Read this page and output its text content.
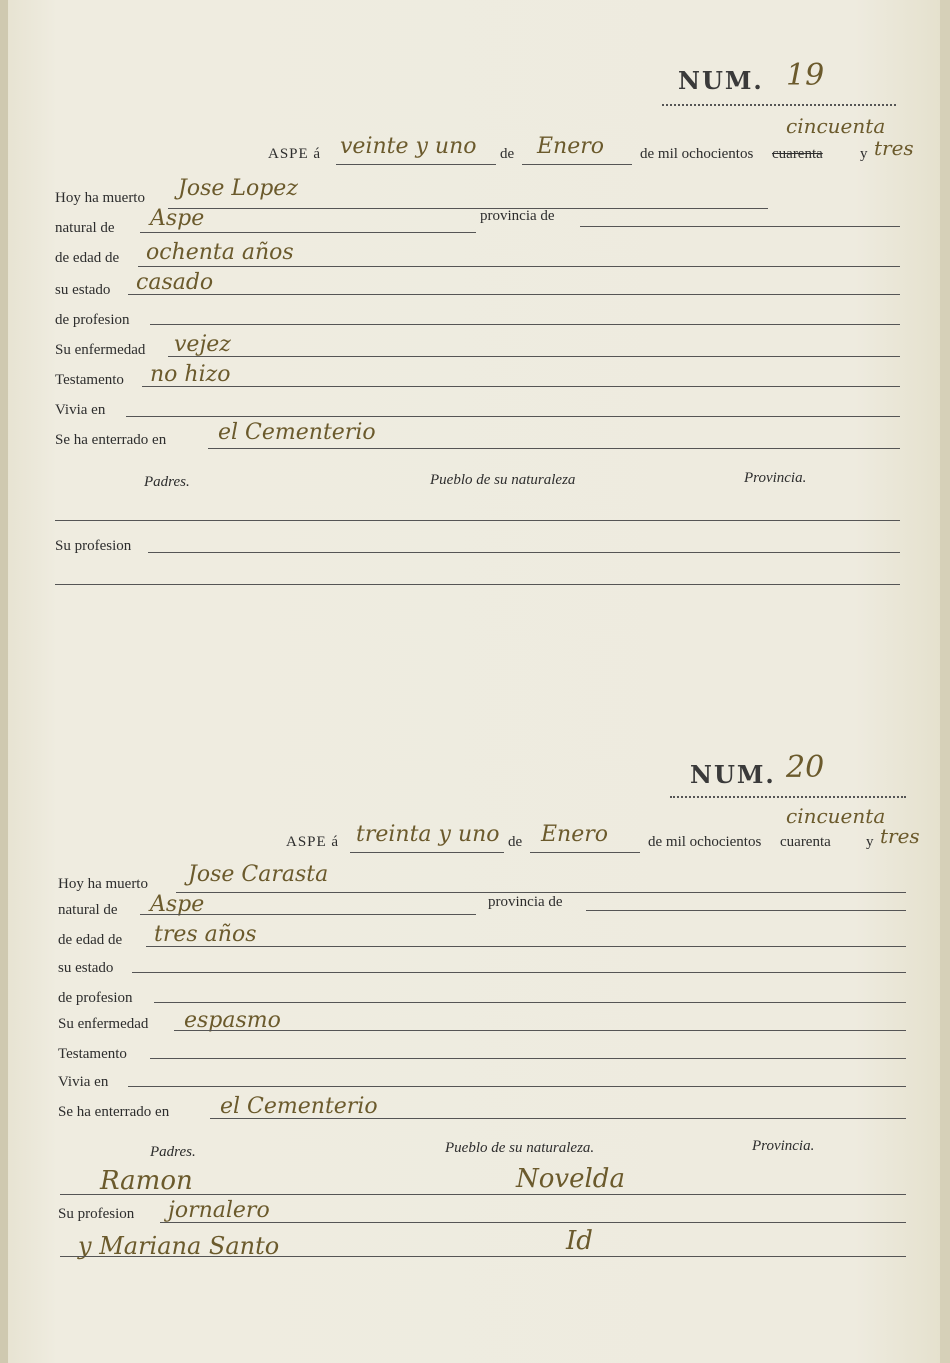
NUM. 19
ASPE á veinte y uno de Enero de mil ochocientos cuarenta y
cincuenta
tres
Hoy ha muerto Jose Lopez
natural de Aspe	provincia de
de edad de ochenta años
su estado casado
de profesion
Su enfermedad vejez
Testamento no hizo
Vivia en
Se ha enterrado en el Cementerio
Padres.	Pueblo de su naturaleza	Provincia.
Su profesion
NUM. 20
ASPE á treinta y uno de Enero	de mil ochocientos cuarenta y
cincuenta
tres
Hoy ha muerto Jose Carasta
natural de Aspe	provincia de
de edad de tres años
su estado
de profesion
Su enfermedad espasmo
Testamento
Vivia en
Se ha enterrado en el Cementerio
Padres.	Pueblo de su naturaleza.	Provincia.
Ramon	Novelda
Su profesion jornalero
y Mariana Santo	Id
